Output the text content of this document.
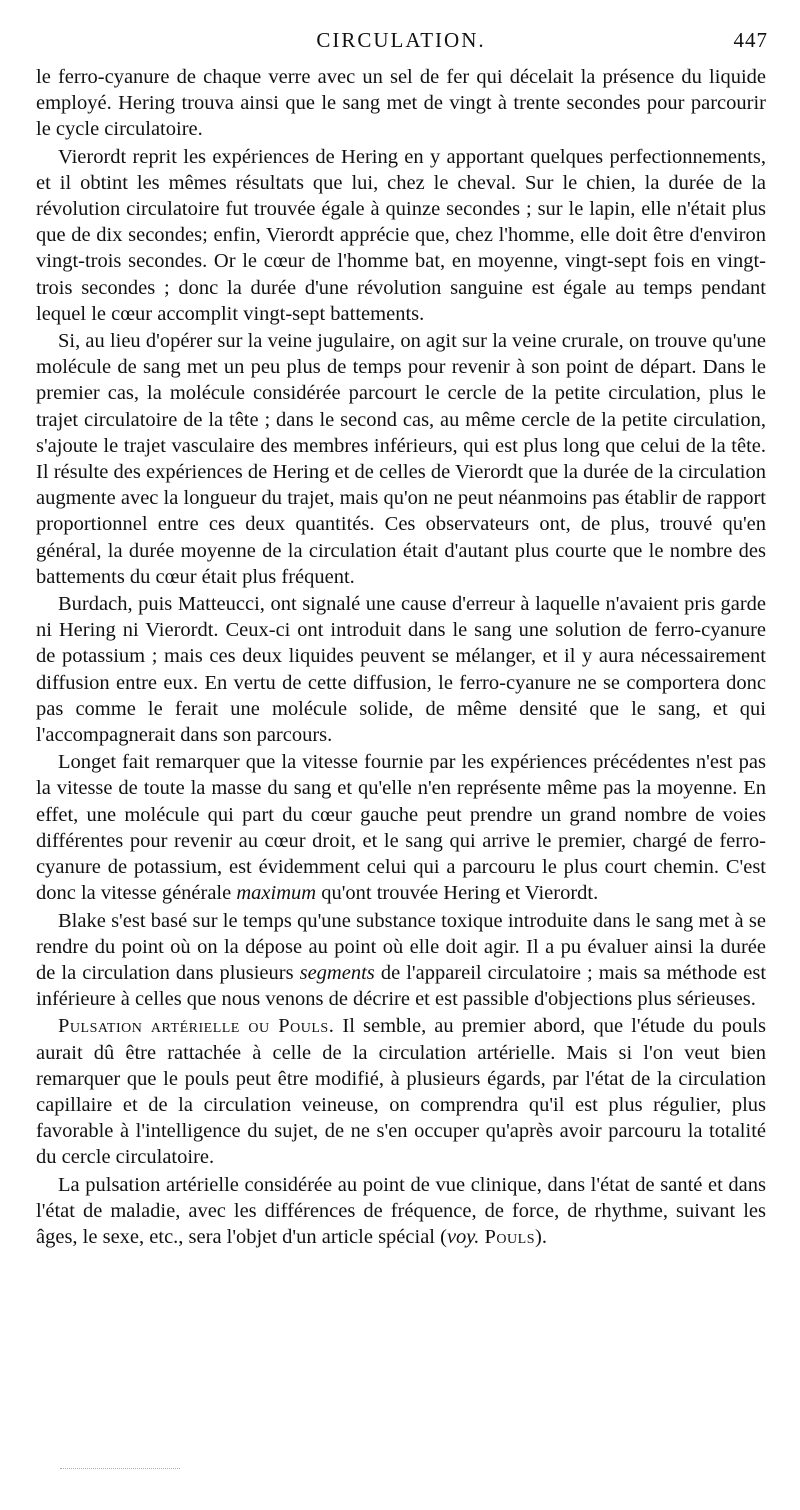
CIRCULATION.	447

le ferro-cyanure de chaque verre avec un sel de fer qui décelait la présence du liquide employé. Hering trouva ainsi que le sang met de vingt à trente secondes pour parcourir le cycle circulatoire.

Vierordt reprit les expériences de Hering en y apportant quelques perfectionnements, et il obtint les mêmes résultats que lui, chez le cheval. Sur le chien, la durée de la révolution circulatoire fut trouvée égale à quinze secondes ; sur le lapin, elle n'était plus que de dix secondes; enfin, Vierordt apprécie que, chez l'homme, elle doit être d'environ vingt-trois secondes. Or le cœur de l'homme bat, en moyenne, vingt-sept fois en vingt-trois secondes ; donc la durée d'une révolution sanguine est égale au temps pendant lequel le cœur accomplit vingt-sept battements.

Si, au lieu d'opérer sur la veine jugulaire, on agit sur la veine crurale, on trouve qu'une molécule de sang met un peu plus de temps pour revenir à son point de départ. Dans le premier cas, la molécule considérée parcourt le cercle de la petite circulation, plus le trajet circulatoire de la tête ; dans le second cas, au même cercle de la petite circulation, s'ajoute le trajet vasculaire des membres inférieurs, qui est plus long que celui de la tête. Il résulte des expériences de Hering et de celles de Vierordt que la durée de la circulation augmente avec la longueur du trajet, mais qu'on ne peut néanmoins pas établir de rapport proportionnel entre ces deux quantités. Ces observateurs ont, de plus, trouvé qu'en général, la durée moyenne de la circulation était d'autant plus courte que le nombre des battements du cœur était plus fréquent.

Burdach, puis Matteucci, ont signalé une cause d'erreur à laquelle n'avaient pris garde ni Hering ni Vierordt. Ceux-ci ont introduit dans le sang une solution de ferro-cyanure de potassium ; mais ces deux liquides peuvent se mélanger, et il y aura nécessairement diffusion entre eux. En vertu de cette diffusion, le ferro-cyanure ne se comportera donc pas comme le ferait une molécule solide, de même densité que le sang, et qui l'accompagnerait dans son parcours.

Longet fait remarquer que la vitesse fournie par les expériences précédentes n'est pas la vitesse de toute la masse du sang et qu'elle n'en représente même pas la moyenne. En effet, une molécule qui part du cœur gauche peut prendre un grand nombre de voies différentes pour revenir au cœur droit, et le sang qui arrive le premier, chargé de ferro-cyanure de potassium, est évidemment celui qui a parcouru le plus court chemin. C'est donc la vitesse générale maximum qu'ont trouvée Hering et Vierordt.

Blake s'est basé sur le temps qu'une substance toxique introduite dans le sang met à se rendre du point où on la dépose au point où elle doit agir. Il a pu évaluer ainsi la durée de la circulation dans plusieurs segments de l'appareil circulatoire ; mais sa méthode est inférieure à celles que nous venons de décrire et est passible d'objections plus sérieuses.

Pulsation artérielle ou Pouls. Il semble, au premier abord, que l'étude du pouls aurait dû être rattachée à celle de la circulation artérielle. Mais si l'on veut bien remarquer que le pouls peut être modifié, à plusieurs égards, par l'état de la circulation capillaire et de la circulation veineuse, on comprendra qu'il est plus régulier, plus favorable à l'intelligence du sujet, de ne s'en occuper qu'après avoir parcouru la totalité du cercle circulatoire.

La pulsation artérielle considérée au point de vue clinique, dans l'état de santé et dans l'état de maladie, avec les différences de fréquence, de force, de rhythme, suivant les âges, le sexe, etc., sera l'objet d'un article spécial (voy. Pouls).
